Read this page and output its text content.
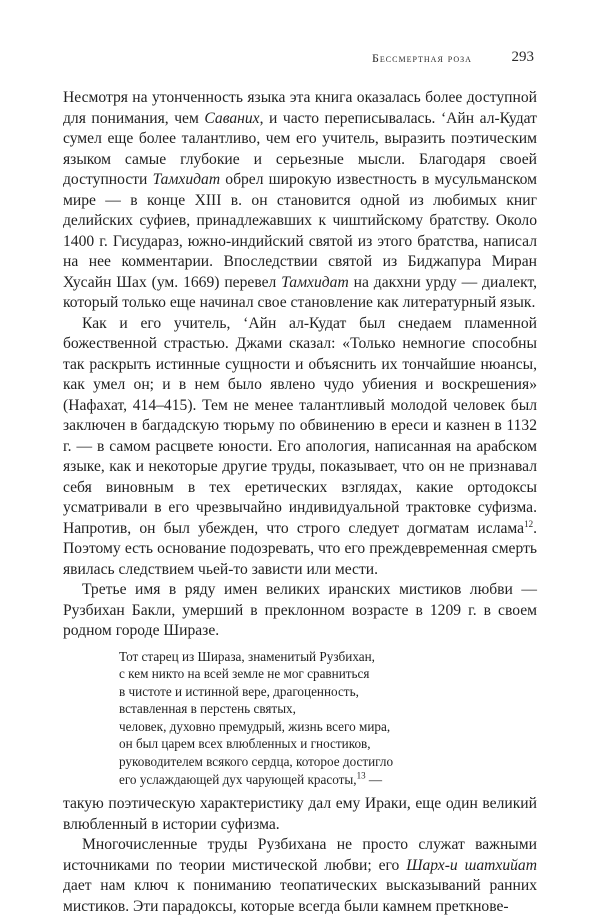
Бессмертная роза	293

Несмотря на утонченность языка эта книга оказалась более доступной для понимания, чем Саваних, и часто переписывалась. ‘Айн ал-Кудат сумел еще более талантливо, чем его учитель, выразить поэтическим языком самые глубокие и серьезные мысли. Благодаря своей доступности Тамхидат обрел широкую известность в мусульманском мире — в конце XIII в. он становится одной из любимых книг делийских суфиев, принадлежавших к чиштийскому братству. Около 1400 г. Гисудараз, южно-индийский святой из этого братства, написал на нее комментарии. Впоследствии святой из Биджапура Миран Хусайн Шах (ум. 1669) перевел Тамхидат на дакхни урду — диалект, который только еще начинал свое становление как литературный язык.

Как и его учитель, ‘Айн ал-Кудат был снедаем пламенной божественной страстью. Джами сказал: «Только немногие способны так раскрыть истинные сущности и объяснить их тончайшие нюансы, как умел он; и в нем было явлено чудо убиения и воскрешения» (Нафахат, 414–415). Тем не менее талантливый молодой человек был заключен в багдадскую тюрьму по обвинению в ереси и казнен в 1132 г. — в самом расцвете юности. Его апология, написанная на арабском языке, как и некоторые другие труды, показывает, что он не признавал себя виновным в тех еретических взглядах, какие ортодоксы усматривали в его чрезвычайно индивидуальной трактовке суфизма. Напротив, он был убежден, что строго следует догматам ислама$^{12}$. Поэтому есть основание подозревать, что его преждевременная смерть явилась следствием чьей-то зависти или мести.

Третье имя в ряду имен великих иранских мистиков любви — Рузбихан Бакли, умерший в преклонном возрасте в 1209 г. в своем родном городе Ширазе.

Тот старец из Шираза, знаменитый Рузбихан,
с кем никто на всей земле не мог сравниться
в чистоте и истинной вере, драгоценность,
вставленная в перстень святых,
человек, духовно премудрый, жизнь всего мира,
он был царем всех влюбленных и гностиков,
руководителем всякого сердца, которое достигло
его услаждающей дух чарующей красоты,$^{13}$ —

такую поэтическую характеристику дал ему Ираки, еще один великий влюбленный в истории суфизма.

Многочисленные труды Рузбихана не просто служат важными источниками по теории мистической любви; его Шарх-и шатхийат дает нам ключ к пониманию теопатических высказываний ранних мистиков. Эти парадоксы, которые всегда были камнем преткнове-
